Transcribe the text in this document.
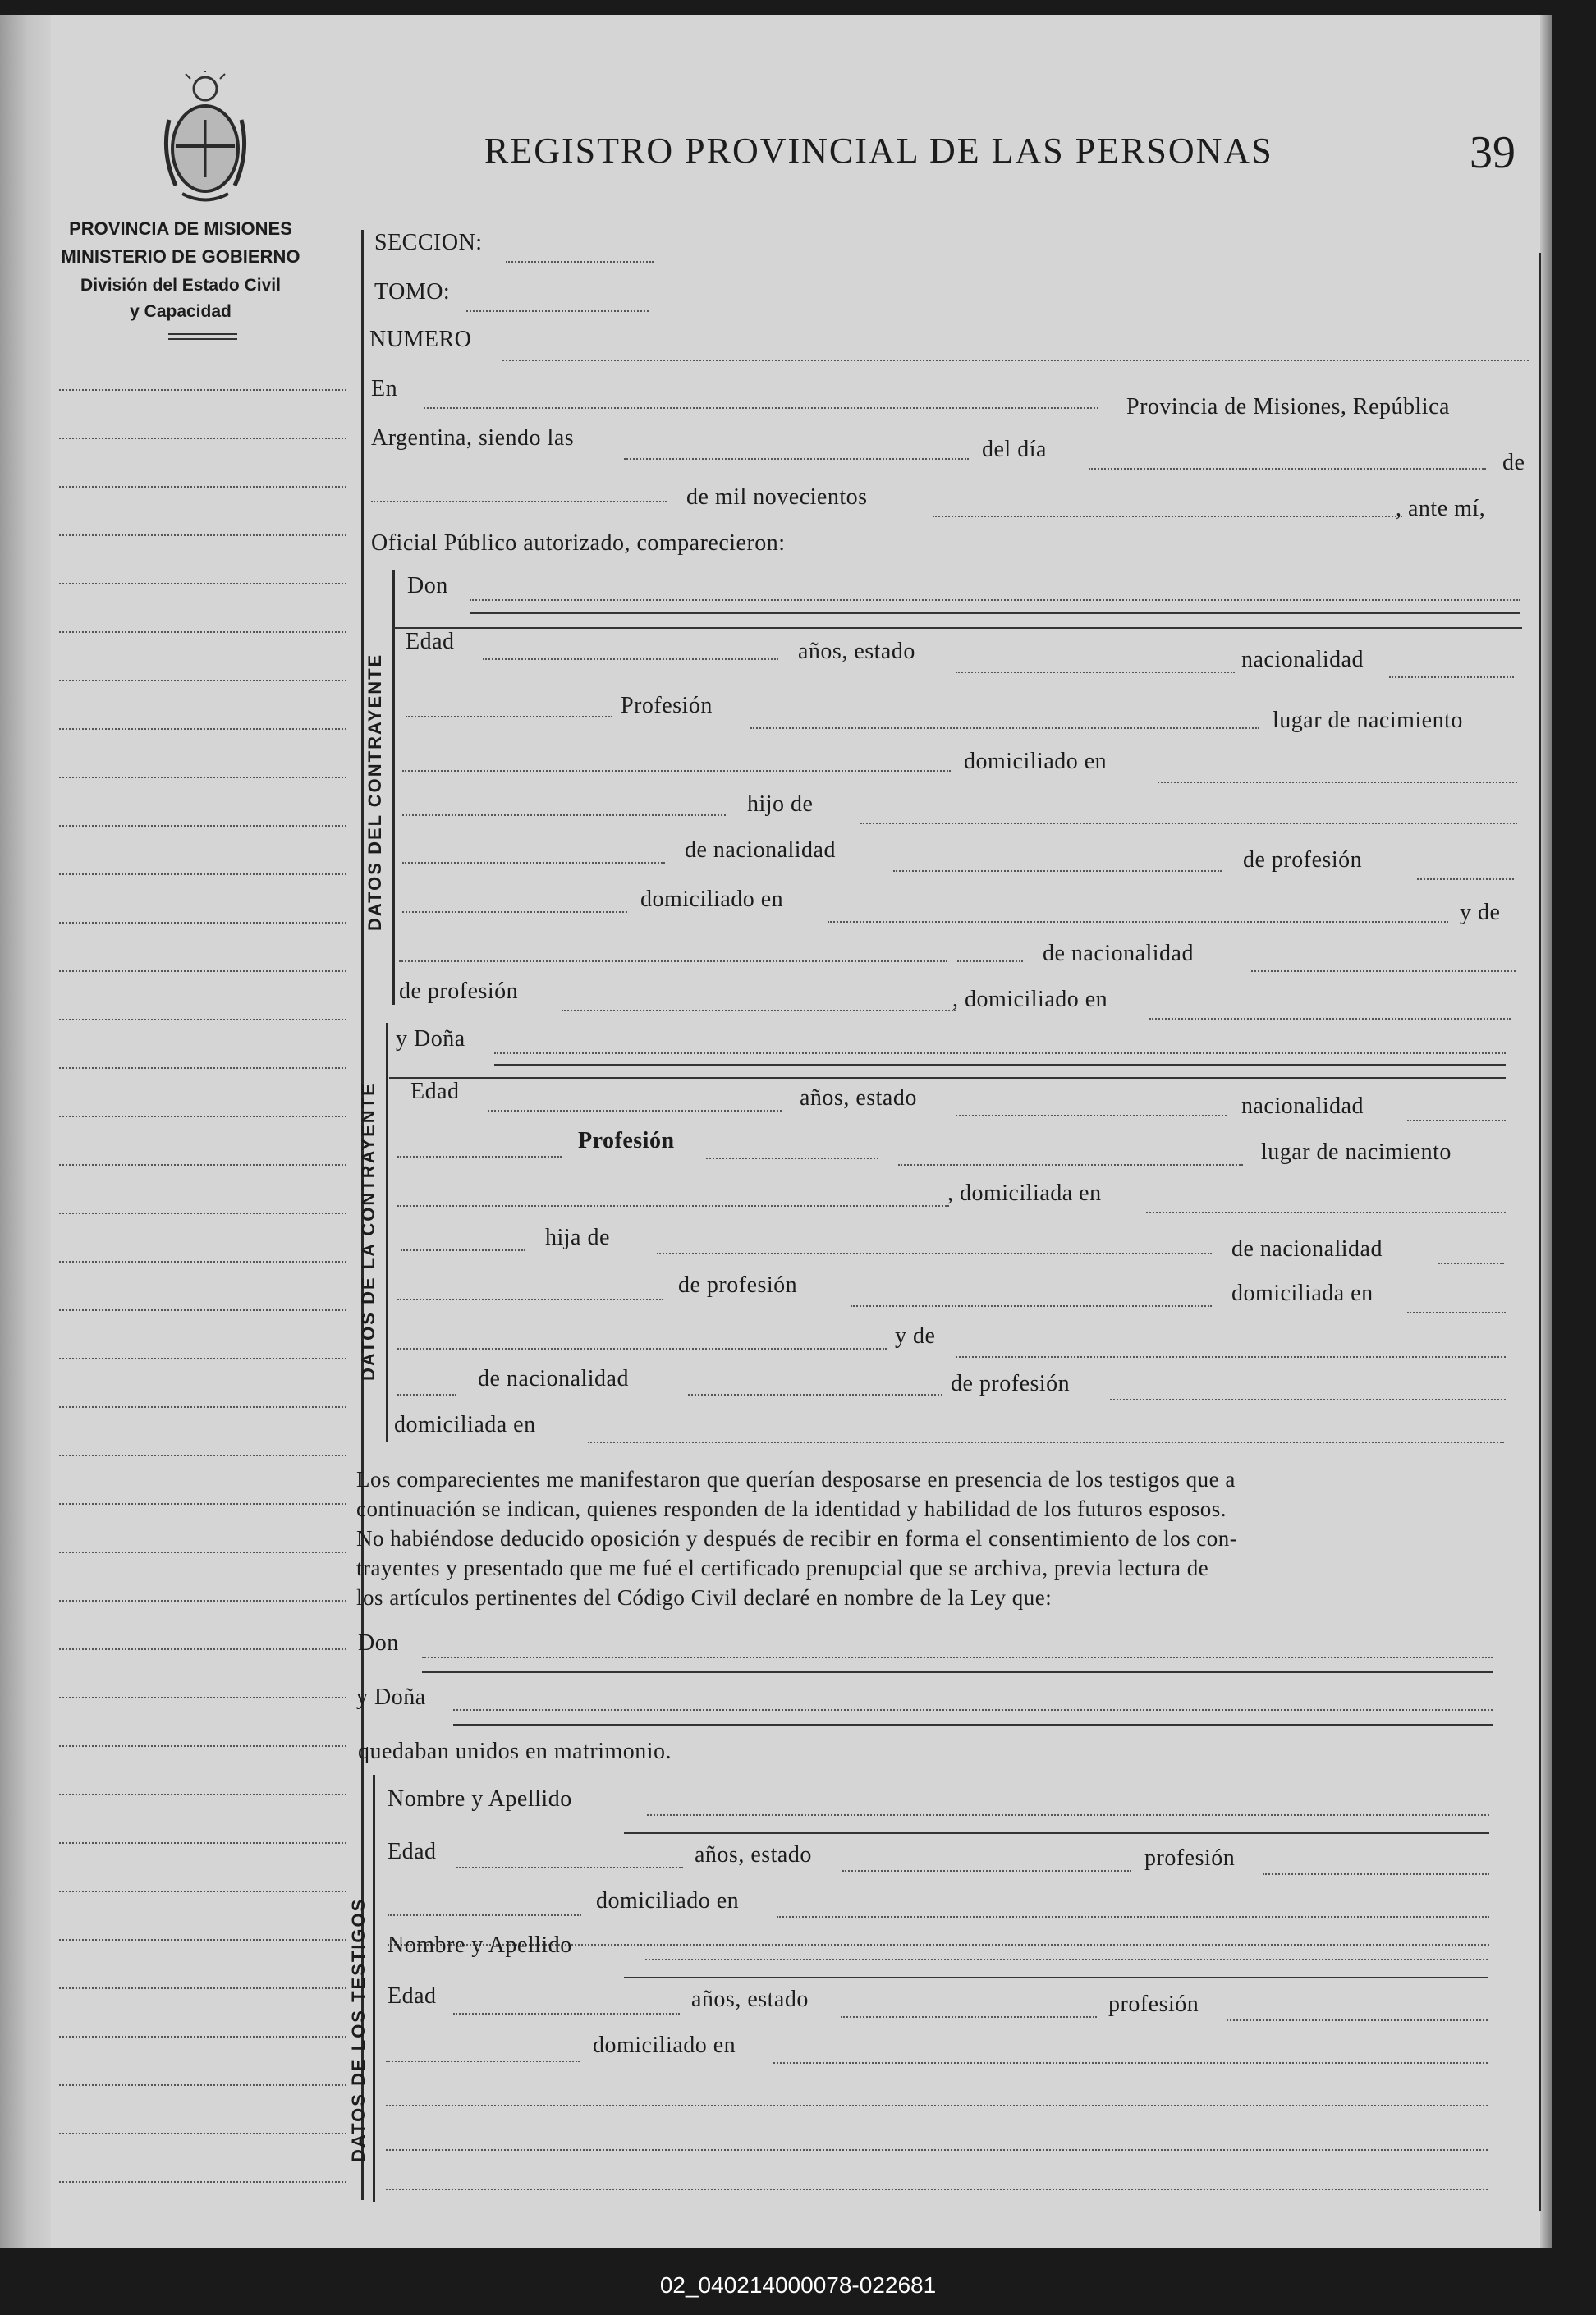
PROVINCIA DE MISIONES
MINISTERIO DE GOBIERNO
División del Estado Civil
y Capacidad
REGISTRO PROVINCIAL DE LAS PERSONAS	39
SECCION:
TOMO:
NUMERO
En
Provincia de Misiones, República
Argentina, siendo las	del día
de
de mil novecientos	, ante mí,
Oficial Público autorizado, comparecieron:
DATOS DEL CONTRAYENTE
Don
Edad	años, estado	nacionalidad
Profesión
lugar de nacimiento
domiciliado en
hijo de
de nacionalidad	de profesión
domiciliado en
y de
de nacionalidad
de profesión	, domiciliado en
DATOS DE LA CONTRAYENTE
y Doña
Edad	años, estado	nacionalidad
Profesión	lugar de nacimiento
, domiciliada en
hija de	de nacionalidad
de profesión	domiciliada en
y de
de nacionalidad	de profesión
domiciliada en
Los comparecientes me manifestaron que querían desposarse en presencia de los testigos que a
continuación se indican, quienes responden de la identidad y habilidad de los futuros esposos.
No habiéndose deducido oposición y después de recibir en forma el consentimiento de los con-
trayentes y presentado que me fué el certificado prenupcial que se archiva, previa lectura de
los artículos pertinentes del Código Civil declaré en nombre de la Ley que:
Don
y Doña
quedaban unidos en matrimonio.
DATOS DE LOS TESTIGOS
Nombre y Apellido
Edad	años, estado	profesión
domiciliado en
Nombre y Apellido
Edad	años, estado	profesión
domiciliado en
02_040214000078-022681
